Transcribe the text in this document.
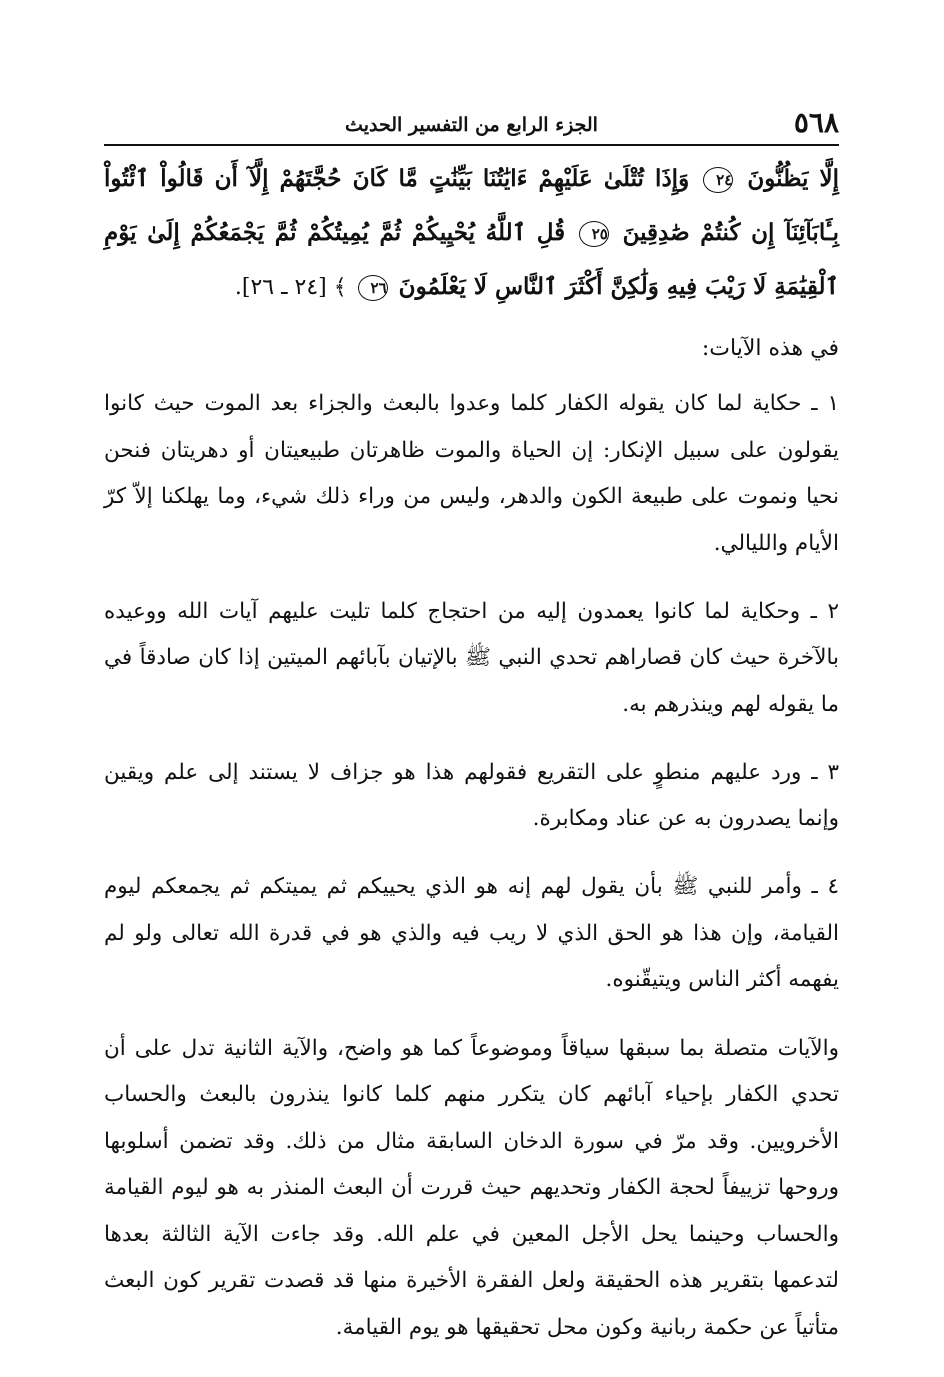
٥٦٨
الجزء الرابع من التفسير الحديث
إِلَّا يَظُنُّونَ ٢٤ وَإِذَا تُتْلَىٰ عَلَيْهِمْ ءَايَٰتُنَا بَيِّنَٰتٍ مَّا كَانَ حُجَّتَهُمْ إِلَّآ أَن قَالُواْ ٱئْتُواْ بِـَٔابَآئِنَآ إِن كُنتُمْ صَٰدِقِينَ ٢٥ قُلِ ٱللَّهُ يُحْيِيكُمْ ثُمَّ يُمِيتُكُمْ ثُمَّ يَجْمَعُكُمْ إِلَىٰ يَوْمِ ٱلْقِيَٰمَةِ لَا رَيْبَ فِيهِ وَلَٰكِنَّ أَكْثَرَ ٱلنَّاسِ لَا يَعْلَمُونَ ٢٦ ﴾ [٢٤ ـ ٢٦].
في هذه الآيات:

١ ـ حكاية لما كان يقوله الكفار كلما وعدوا بالبعث والجزاء بعد الموت حيث كانوا يقولون على سبيل الإنكار: إن الحياة والموت ظاهرتان طبيعيتان أو دهريتان فنحن نحيا ونموت على طبيعة الكون والدهر، وليس من وراء ذلك شيء، وما يهلكنا إلاّ كرّ الأيام والليالي.

٢ ـ وحكاية لما كانوا يعمدون إليه من احتجاج كلما تليت عليهم آيات الله ووعيده بالآخرة حيث كان قصاراهم تحدي النبي ﷺ بالإتيان بآبائهم الميتين إذا كان صادقاً في ما يقوله لهم وينذرهم به.

٣ ـ ورد عليهم منطوٍ على التقريع فقولهم هذا هو جزاف لا يستند إلى علم ويقين وإنما يصدرون به عن عناد ومكابرة.

٤ ـ وأمر للنبي ﷺ بأن يقول لهم إنه هو الذي يحييكم ثم يميتكم ثم يجمعكم ليوم القيامة، وإن هذا هو الحق الذي لا ريب فيه والذي هو في قدرة الله تعالى ولو لم يفهمه أكثر الناس ويتيقّنوه.

والآيات متصلة بما سبقها سياقاً وموضوعاً كما هو واضح، والآية الثانية تدل على أن تحدي الكفار بإحياء آبائهم كان يتكرر منهم كلما كانوا ينذرون بالبعث والحساب الأخرويين. وقد مرّ في سورة الدخان السابقة مثال من ذلك. وقد تضمن أسلوبها وروحها تزييفاً لحجة الكفار وتحديهم حيث قررت أن البعث المنذر به هو ليوم القيامة والحساب وحينما يحل الأجل المعين في علم الله. وقد جاءت الآية الثالثة بعدها لتدعمها بتقرير هذه الحقيقة ولعل الفقرة الأخيرة منها قد قصدت تقرير كون البعث متأتياً عن حكمة ربانية وكون محل تحقيقها هو يوم القيامة.
